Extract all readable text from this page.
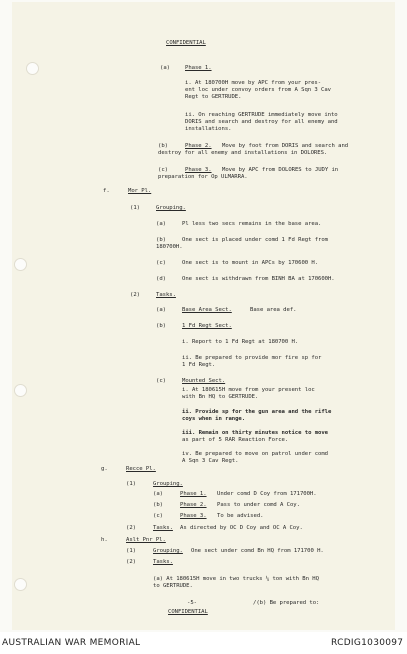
CONFIDENTIAL
(a)	Phase 1.
i. At 180700H move by APC from your pres-
ent loc under convoy orders from A Sqn 3 Cav
Regt to GERTRUDE.
ii. On reaching GERTRUDE immediately move into
DORIS and search and destroy for all enemy and
installations.
(b)	Phase 2. Move by foot from DORIS and search and
destroy for all enemy and installations in DOLORES.
(c)	Phase 3. Move by APC from DOLORES to JUDY in
preparation for Op ULMARRA.
f.	Mor Pl.
(1)	Grouping.
(a)	Pl less two secs remains in the base area.
(b)	One sect is placed under comd 1 Fd Regt from
180700H.
(c)	One sect is to mount in APCs by 170600 H.
(d)	One sect is withdrawn from BINH BA at 170600H.
(2)	Tasks.
(a)	Base Area Sect.	Base area def.
(b)	1 Fd Regt Sect.
i. Report to 1 Fd Regt at 180700 H.
ii. Be prepared to provide mor fire sp for
1 Fd Regt.
(c)	Mounted Sect.
i. At 180615H move from your present loc
with Bn HQ to GERTRUDE.
ii. Provide sp for the gun area and the rifle
coys when in range.
iii. Remain on thirty minutes notice to move
as part of 5 RAR Reaction Force.
iv. Be prepared to move on patrol under comd
A Sqn 3 Cav Regt.
g.	Recce Pl.
(1)	Grouping.
(a)	Phase 1. Under comd D Coy from 171700H.
(b)	Phase 2. Pass to under comd A Coy.
(c)	Phase 3. To be advised.
(2)	Tasks. As directed by OC D Coy and OC A Coy.
h.	Aslt Pnr Pl.
(1)	Grouping. One sect under comd Bn HQ from 171700 H.
(2)	Tasks.
(a) At 180615H move in two trucks ¼ ton with Bn HQ
to GERTRUDE.
-5-	/(b) Be prepared to:
CONFIDENTIAL
AUSTRALIAN WAR MEMORIAL	RCDIG1030097
